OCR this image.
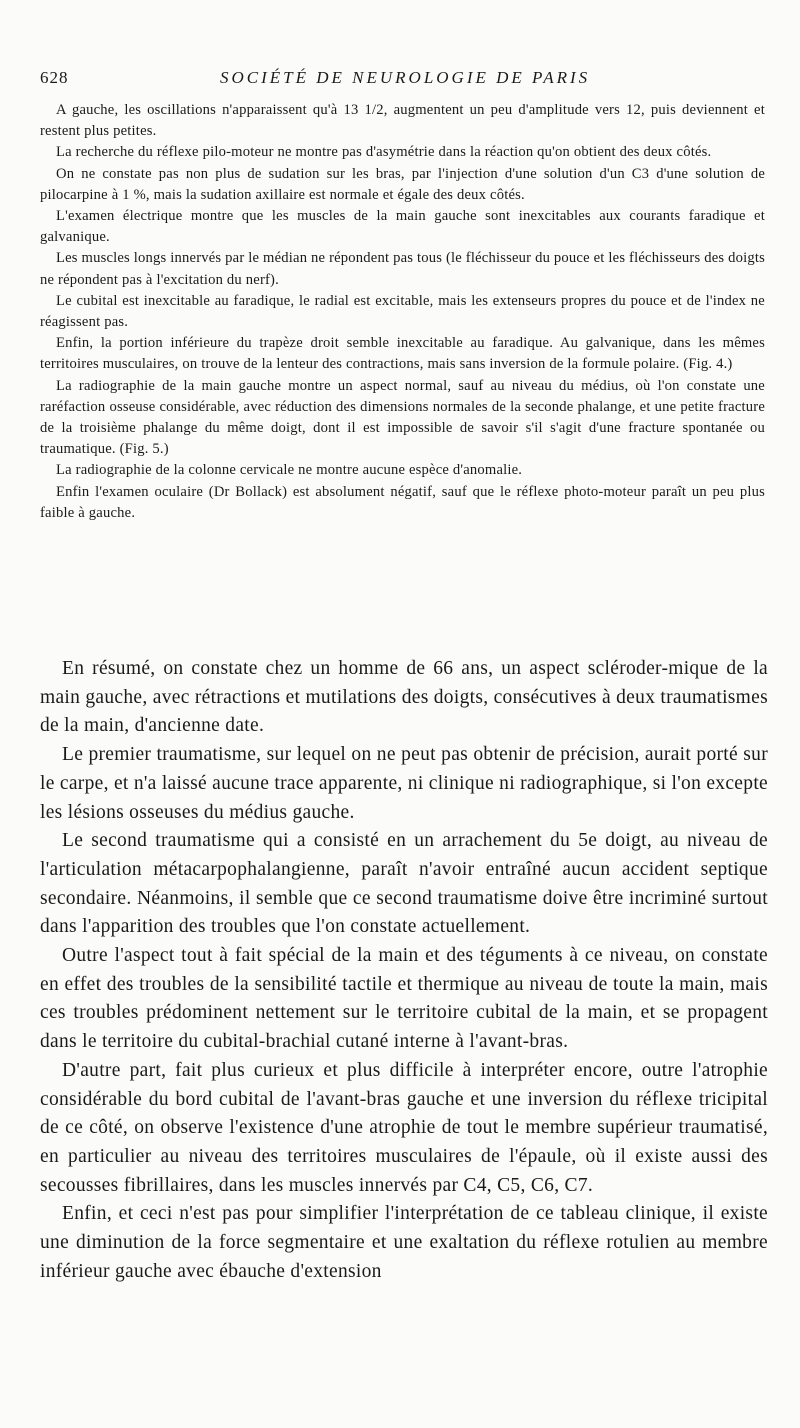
628	SOCIÉTÉ DE NEUROLOGIE DE PARIS

A gauche, les oscillations n'apparaissent qu'à 13 1/2, augmentent un peu d'amplitude vers 12, puis deviennent et restent plus petites.

La recherche du réflexe pilo-moteur ne montre pas d'asymétrie dans la réaction qu'on obtient des deux côtés.

On ne constate pas non plus de sudation sur les bras, par l'injection d'une solution d'un C3 d'une solution de pilocarpine à 1 %, mais la sudation axillaire est normale et égale des deux côtés.

L'examen électrique montre que les muscles de la main gauche sont inexcitables aux courants faradique et galvanique.

Les muscles longs innervés par le médian ne répondent pas tous (le fléchisseur du pouce et les fléchisseurs des doigts ne répondent pas à l'excitation du nerf).

Le cubital est inexcitable au faradique, le radial est excitable, mais les extenseurs propres du pouce et de l'index ne réagissent pas.

Enfin, la portion inférieure du trapèze droit semble inexcitable au faradique. Au galvanique, dans les mêmes territoires musculaires, on trouve de la lenteur des contractions, mais sans inversion de la formule polaire. (Fig. 4.)

La radiographie de la main gauche montre un aspect normal, sauf au niveau du médius, où l'on constate une raréfaction osseuse considérable, avec réduction des dimensions normales de la seconde phalange, et une petite fracture de la troisième phalange du même doigt, dont il est impossible de savoir s'il s'agit d'une fracture spontanée ou traumatique. (Fig. 5.)

La radiographie de la colonne cervicale ne montre aucune espèce d'anomalie.

Enfin l'examen oculaire (Dr Bollack) est absolument négatif, sauf que le réflexe photo-moteur paraît un peu plus faible à gauche.

En résumé, on constate chez un homme de 66 ans, un aspect scléroder-mique de la main gauche, avec rétractions et mutilations des doigts, consécutives à deux traumatismes de la main, d'ancienne date.

Le premier traumatisme, sur lequel on ne peut pas obtenir de précision, aurait porté sur le carpe, et n'a laissé aucune trace apparente, ni clinique ni radiographique, si l'on excepte les lésions osseuses du médius gauche.

Le second traumatisme qui a consisté en un arrachement du 5e doigt, au niveau de l'articulation métacarpophalangienne, paraît n'avoir entraîné aucun accident septique secondaire. Néanmoins, il semble que ce second traumatisme doive être incriminé surtout dans l'apparition des troubles que l'on constate actuellement.

Outre l'aspect tout à fait spécial de la main et des téguments à ce niveau, on constate en effet des troubles de la sensibilité tactile et thermique au niveau de toute la main, mais ces troubles prédominent nettement sur le territoire cubital de la main, et se propagent dans le territoire du cubital-brachial cutané interne à l'avant-bras.

D'autre part, fait plus curieux et plus difficile à interpréter encore, outre l'atrophie considérable du bord cubital de l'avant-bras gauche et une inversion du réflexe tricipital de ce côté, on observe l'existence d'une atrophie de tout le membre supérieur traumatisé, en particulier au niveau des territoires musculaires de l'épaule, où il existe aussi des secousses fibrillaires, dans les muscles innervés par C4, C5, C6, C7.

Enfin, et ceci n'est pas pour simplifier l'interprétation de ce tableau clinique, il existe une diminution de la force segmentaire et une exaltation du réflexe rotulien au membre inférieur gauche avec ébauche d'extension
